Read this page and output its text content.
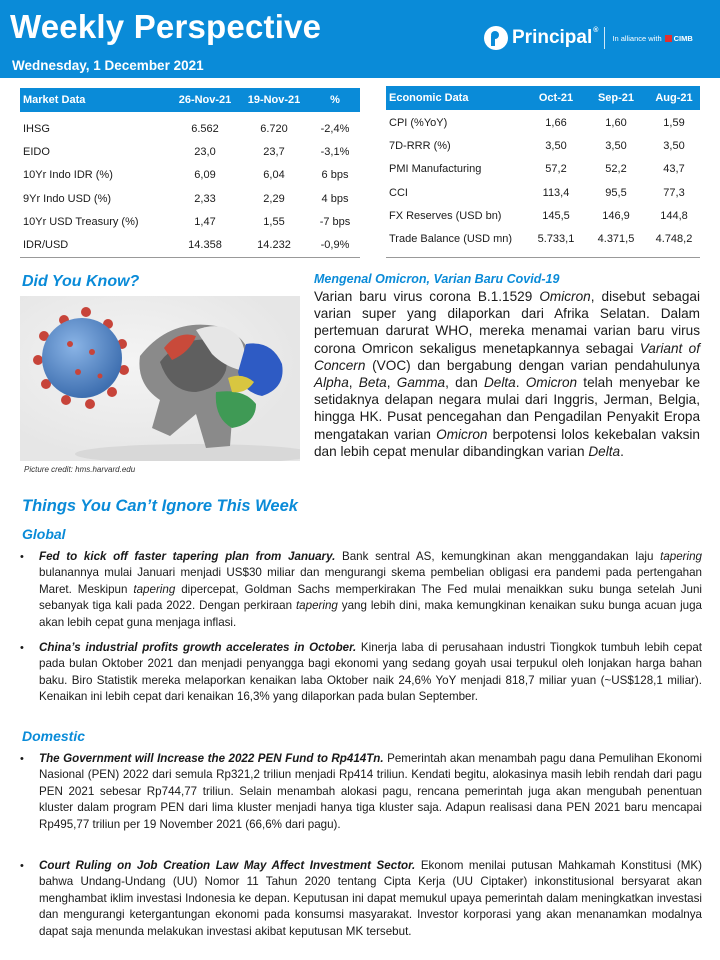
Weekly Perspective
Wednesday, 1 December 2021
Principal®
In alliance with CIMB
Market Data	26-Nov-21	19-Nov-21	%
IHSG	6.562	6.720	-2,4%
EIDO	23,0	23,7	-3,1%
10Yr Indo IDR (%)	6,09	6,04	6 bps
9Yr Indo USD (%)	2,33	2,29	4 bps
10Yr USD Treasury (%)	1,47	1,55	-7 bps
IDR/USD	14.358	14.232	-0,9%
Economic Data	Oct-21	Sep-21	Aug-21
CPI (%YoY)	1,66	1,60	1,59
7D-RRR (%)	3,50	3,50	3,50
PMI Manufacturing	57,2	52,2	43,7
CCI	113,4	95,5	77,3
FX Reserves (USD bn)	145,5	146,9	144,8
Trade Balance (USD mn)	5.733,1	4.371,5	4.748,2
Did You Know?
Picture credit: hms.harvard.edu
Mengenal Omicron, Varian Baru Covid-19
Varian baru virus corona B.1.1529 Omicron, disebut sebagai varian super yang dilaporkan dari Afrika Selatan. Dalam pertemuan darurat WHO, mereka menamai varian baru virus corona Omricon sekaligus menetapkannya sebagai Variant of Concern (VOC) dan bergabung dengan varian pendahulunya Alpha, Beta, Gamma, dan Delta. Omicron telah menyebar ke setidaknya delapan negara mulai dari Inggris, Jerman, Belgia, hingga HK. Pusat pencegahan dan Pengadilan Penyakit Eropa mengatakan varian Omicron berpotensi lolos kekebalan vaksin dan lebih cepat menular dibandingkan varian Delta.
Things You Can’t Ignore This Week
Global
• Fed to kick off faster tapering plan from January. Bank sentral AS, kemungkinan akan menggandakan laju tapering bulanannya mulai Januari menjadi US$30 miliar dan mengurangi skema pembelian obligasi era pandemi pada pertengahan Maret. Meskipun tapering dipercepat, Goldman Sachs memperkirakan The Fed mulai menaikkan suku bunga setelah Juni sebanyak tiga kali pada 2022. Dengan perkiraan tapering yang lebih dini, maka kemungkinan kenaikan suku bunga acuan juga akan lebih cepat guna menjaga inflasi.
• China’s industrial profits growth accelerates in October. Kinerja laba di perusahaan industri Tiongkok tumbuh lebih cepat pada bulan Oktober 2021 dan menjadi penyangga bagi ekonomi yang sedang goyah usai terpukul oleh lonjakan harga bahan baku. Biro Statistik mereka melaporkan kenaikan laba Oktober naik 24,6% YoY menjadi 818,7 miliar yuan (~US$128,1 miliar). Kenaikan ini lebih cepat dari kenaikan 16,3% yang dilaporkan pada bulan September.
Domestic
• The Government will Increase the 2022 PEN Fund to Rp414Tn. Pemerintah akan menambah pagu dana Pemulihan Ekonomi Nasional (PEN) 2022 dari semula Rp321,2 triliun menjadi Rp414 triliun. Kendati begitu, alokasinya masih lebih rendah dari pagu PEN 2021 sebesar Rp744,77 triliun. Selain menambah alokasi pagu, rencana pemerintah juga akan mengubah penentuan kluster dalam program PEN dari lima kluster menjadi hanya tiga kluster saja. Adapun realisasi dana PEN 2021 baru mencapai Rp495,77 triliun per 19 November 2021 (66,6% dari pagu).
• Court Ruling on Job Creation Law May Affect Investment Sector. Ekonom menilai putusan Mahkamah Konstitusi (MK) bahwa Undang-Undang (UU) Nomor 11 Tahun 2020 tentang Cipta Kerja (UU Ciptaker) inkonstitusional bersyarat akan menghambat iklim investasi Indonesia ke depan. Keputusan ini dapat memukul upaya pemerintah dalam meningkatkan investasi dan mengurangi ketergantungan ekonomi pada konsumsi masyarakat. Investor korporasi yang akan menanamkan modalnya dapat saja menunda melakukan investasi akibat keputusan MK tersebut.
